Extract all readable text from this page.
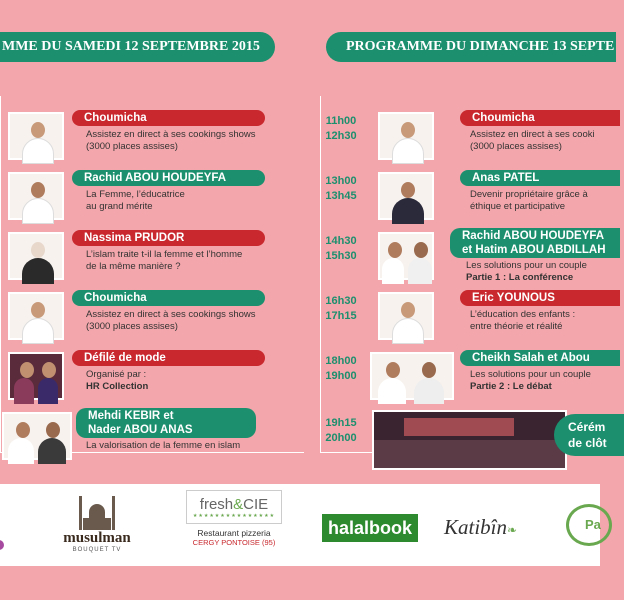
MME DU SAMEDI 12 SEPTEMBRE 2015	PROGRAMME DU DIMANCHE 13 SEPTE
Choumicha
Assistez en direct à ses cookings shows
(3000 places assises)
Rachid ABOU HOUDEYFA
La Femme, l’éducatrice
au grand mérite
Nassima PRUDOR
L’islam traite t-il la femme et l’homme
de la même manière ?
Choumicha
Assistez en direct à ses cookings shows
(3000 places assises)
Défilé de mode
Organisé par :
HR Collection
Mehdi KEBIR et
Nader ABOU ANAS
La valorisation de la femme en islam
11h00
12h30
Choumicha
Assistez en direct à ses cooki
(3000 places assises)
13h00
13h45
Anas PATEL
Devenir propriétaire grâce à
éthique et participative
14h30
15h30
Rachid ABOU HOUDEYFA
et Hatim ABOU ABDILLAH
Les solutions pour un couple
Partie 1 : La conférence
16h30
17h15
Eric YOUNOUS
L’éducation des enfants :
entre théorie et réalité
18h00
19h00
Cheikh Salah et Abou
Les solutions pour un couple
Partie 2 : Le débat
19h15
20h00
Cérém
de clôt
musulman
BOUQUET TV
fresh&CIE
★★★★★★★★★★★★★★★
Restaurant pizzeria
CERGY PONTOISE (95)
halalbook Katibîn❧	Pa
